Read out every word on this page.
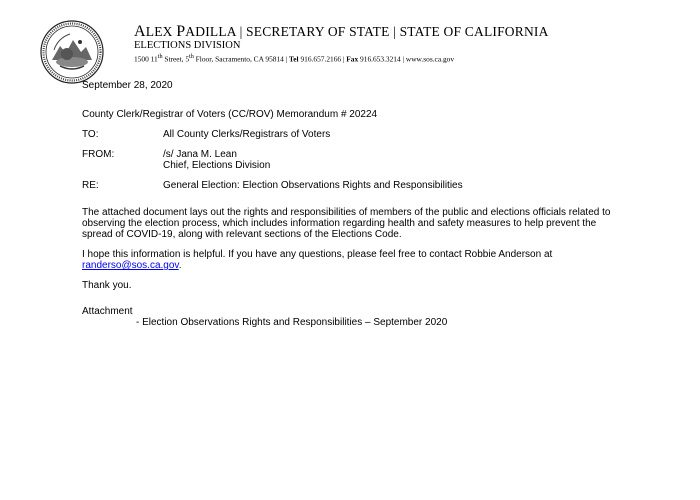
ALEX PADILLA | SECRETARY OF STATE | STATE OF CALIFORNIA
ELECTIONS DIVISION
1500 11th Street, 5th Floor, Sacramento, CA 95814 | Tel 916.657.2166 | Fax 916.653.3214 | www.sos.ca.gov

September 28, 2020

County Clerk/Registrar of Voters (CC/ROV) Memorandum # 20224

TO:	All County Clerks/Registrars of Voters
FROM:	/s/ Jana M. Lean
Chief, Elections Division
RE:	General Election: Election Observations Rights and Responsibilities

The attached document lays out the rights and responsibilities of members of the public and elections officials related to observing the election process, which includes information regarding health and safety measures to help prevent the spread of COVID-19, along with relevant sections of the Elections Code.

I hope this information is helpful. If you have any questions, please feel free to contact Robbie Anderson at randerso@sos.ca.gov.

Thank you.

Attachment
- Election Observations Rights and Responsibilities – September 2020
